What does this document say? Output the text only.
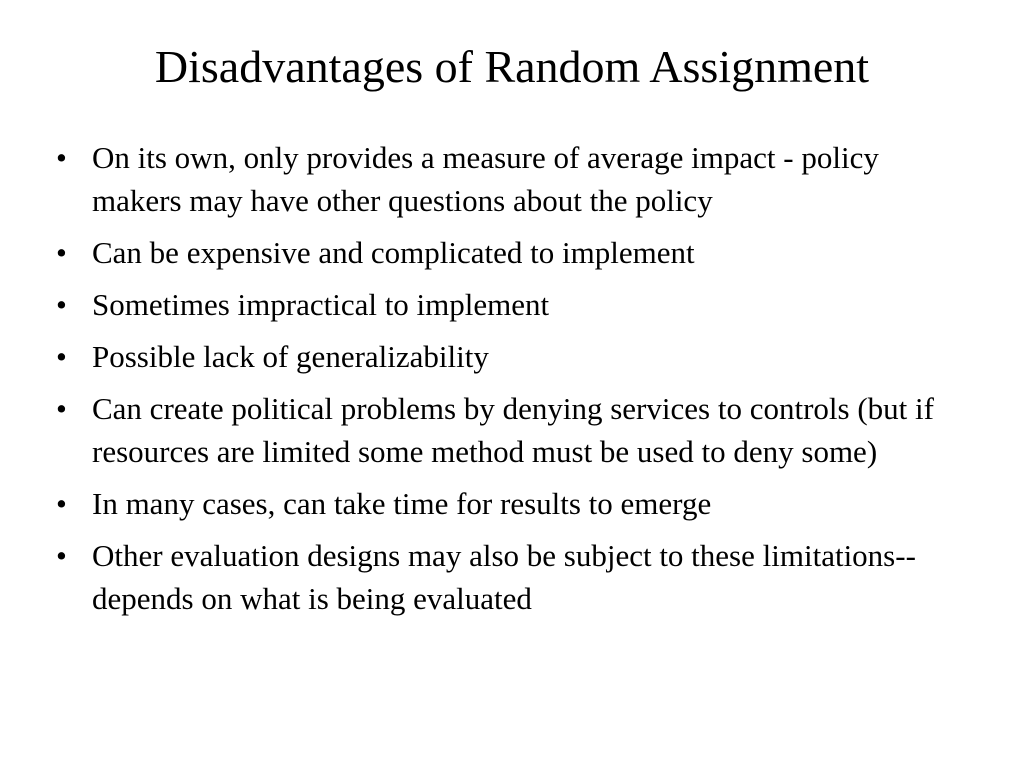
Disadvantages of Random Assignment
• On its own, only provides a measure of average impact - policy makers may have other questions about the policy
• Can be expensive and complicated to implement
• Sometimes impractical to implement
• Possible lack of generalizability
• Can create political problems by denying services to controls (but if resources are limited some method must be used to deny some)
• In many cases, can take time for results to emerge
• Other evaluation designs may also be subject to these limitations-- depends on what is being evaluated
